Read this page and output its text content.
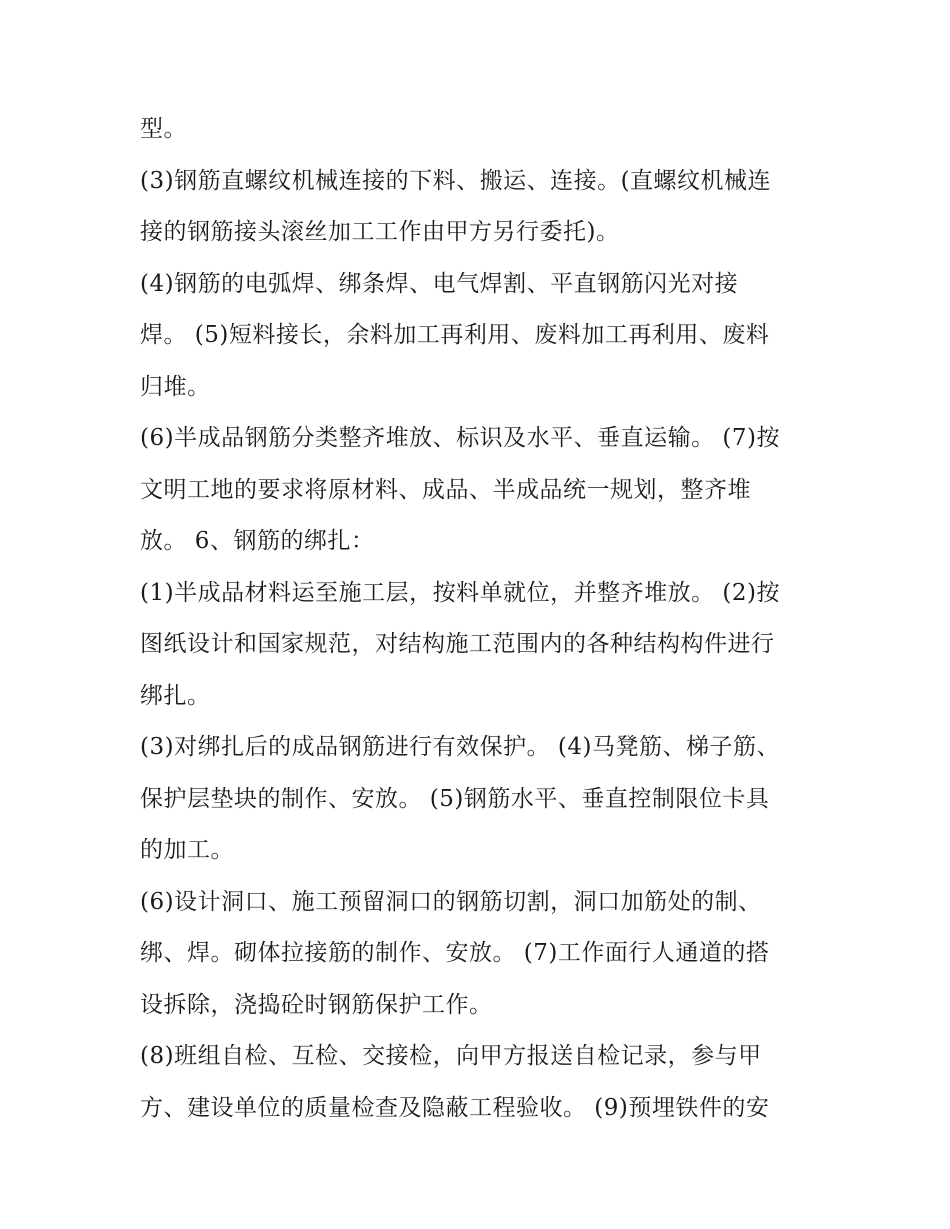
型。
(3)钢筋直螺纹机械连接的下料、搬运、连接。(直螺纹机械连
接的钢筋接头滚丝加工工作由甲方另行委托)。
(4)钢筋的电弧焊、绑条焊、电气焊割、平直钢筋闪光对接
焊。 (5)短料接长，余料加工再利用、废料加工再利用、废料
归堆。
(6)半成品钢筋分类整齐堆放、标识及水平、垂直运输。 (7)按
文明工地的要求将原材料、成品、半成品统一规划，整齐堆
放。 6、钢筋的绑扎：
(1)半成品材料运至施工层，按料单就位，并整齐堆放。 (2)按
图纸设计和国家规范，对结构施工范围内的各种结构构件进行
绑扎。
(3)对绑扎后的成品钢筋进行有效保护。 (4)马凳筋、梯子筋、
保护层垫块的制作、安放。 (5)钢筋水平、垂直控制限位卡具
的加工。
(6)设计洞口、施工预留洞口的钢筋切割，洞口加筋处的制、
绑、焊。砌体拉接筋的制作、安放。 (7)工作面行人通道的搭
设拆除，浇捣砼时钢筋保护工作。
(8)班组自检、互检、交接检，向甲方报送自检记录，参与甲
方、建设单位的质量检查及隐蔽工程验收。 (9)预埋铁件的安
